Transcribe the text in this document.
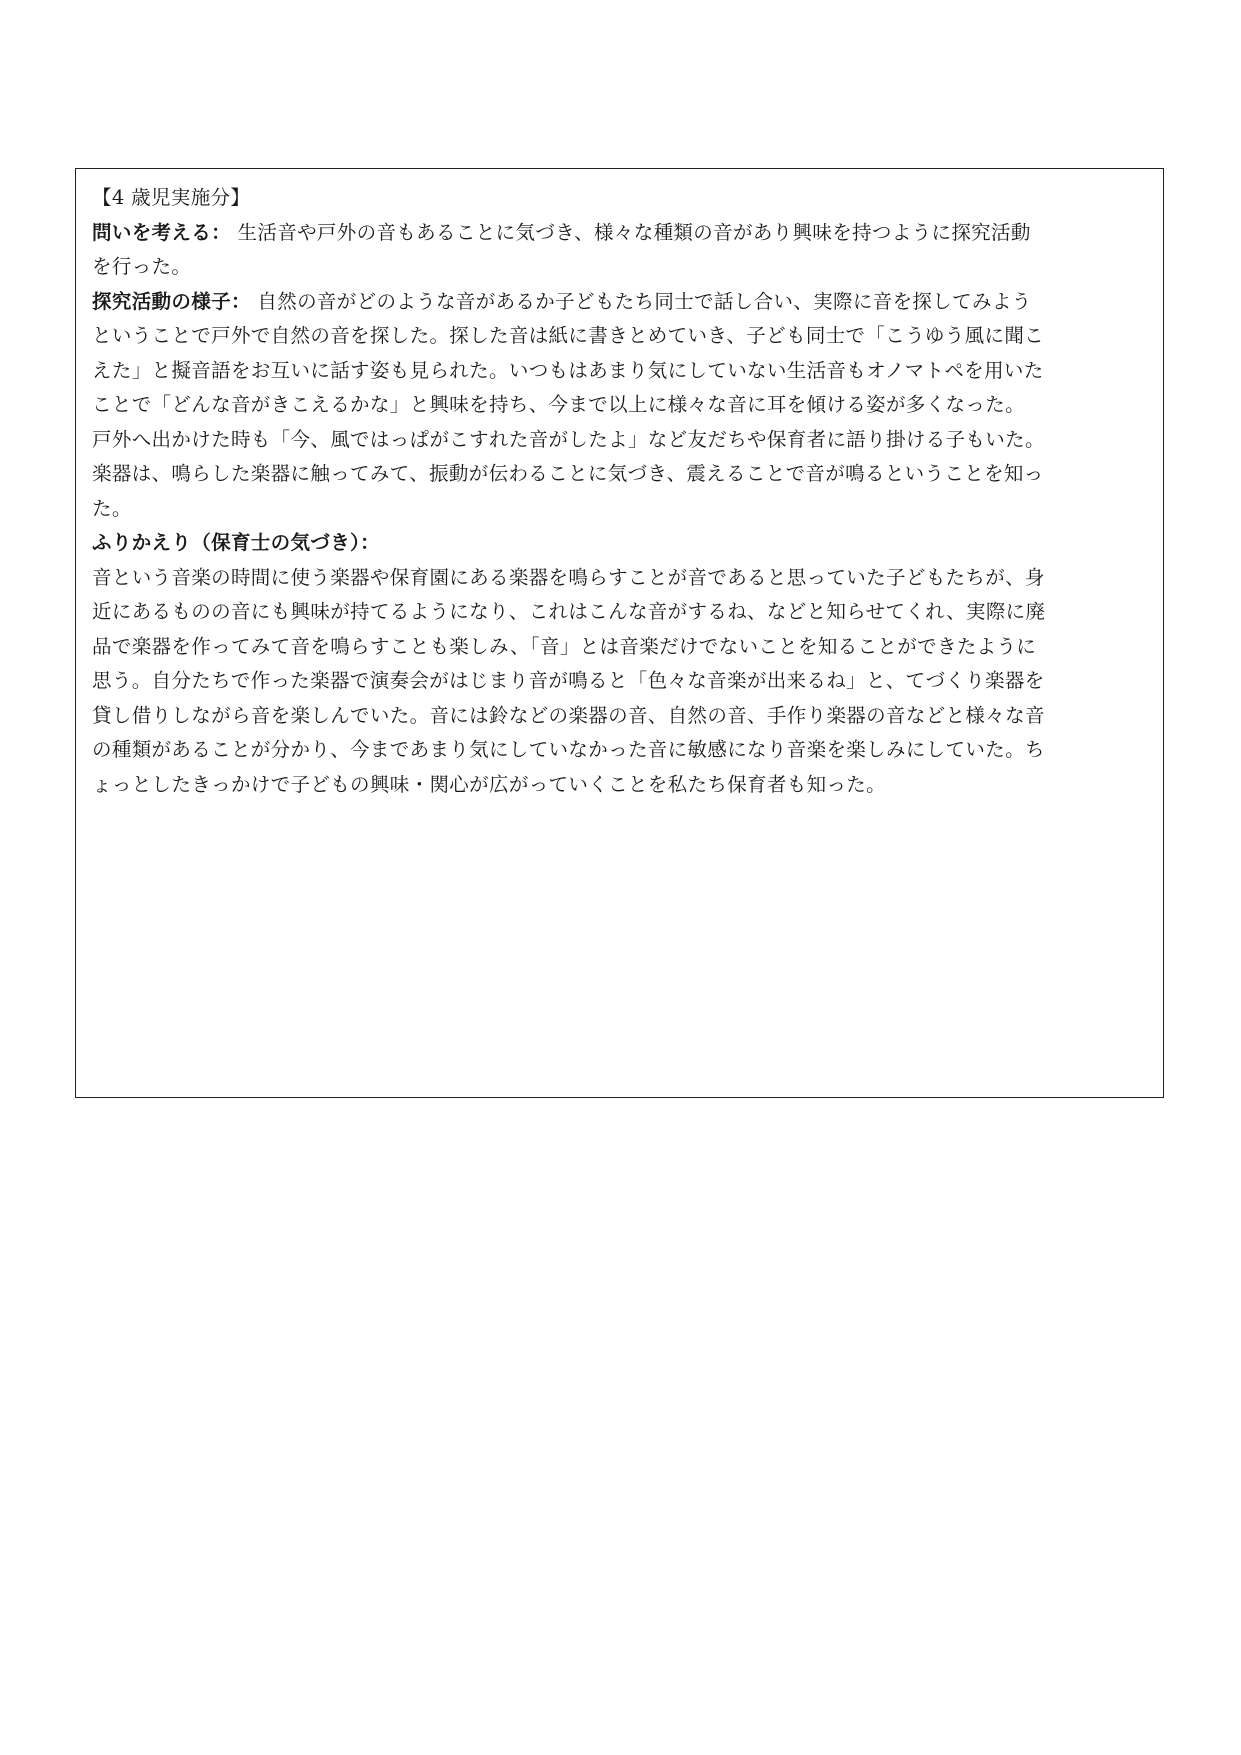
【4 歳児実施分】
問いを考える： 生活音や戸外の音もあることに気づき、様々な種類の音があり興味を持つように探究活動
を行った。
探究活動の様子： 自然の音がどのような音があるか子どもたち同士で話し合い、実際に音を探してみよう
ということで戸外で自然の音を探した。探した音は紙に書きとめていき、子ども同士で「こうゆう風に聞こ
えた」と擬音語をお互いに話す姿も見られた。いつもはあまり気にしていない生活音もオノマトペを用いた
ことで「どんな音がきこえるかな」と興味を持ち、今まで以上に様々な音に耳を傾ける姿が多くなった。
戸外へ出かけた時も「今、風ではっぱがこすれた音がしたよ」など友だちや保育者に語り掛ける子もいた。
楽器は、鳴らした楽器に触ってみて、振動が伝わることに気づき、震えることで音が鳴るということを知っ
た。
ふりかえり（保育士の気づき）：
音という音楽の時間に使う楽器や保育園にある楽器を鳴らすことが音であると思っていた子どもたちが、身
近にあるものの音にも興味が持てるようになり、これはこんな音がするね、などと知らせてくれ、実際に廃
品で楽器を作ってみて音を鳴らすことも楽しみ、「音」とは音楽だけでないことを知ることができたように
思う。自分たちで作った楽器で演奏会がはじまり音が鳴ると「色々な音楽が出来るね」と、てづくり楽器を
貸し借りしながら音を楽しんでいた。音には鈴などの楽器の音、自然の音、手作り楽器の音などと様々な音
の種類があることが分かり、今まであまり気にしていなかった音に敏感になり音楽を楽しみにしていた。ち
ょっとしたきっかけで子どもの興味・関心が広がっていくことを私たち保育者も知った。
